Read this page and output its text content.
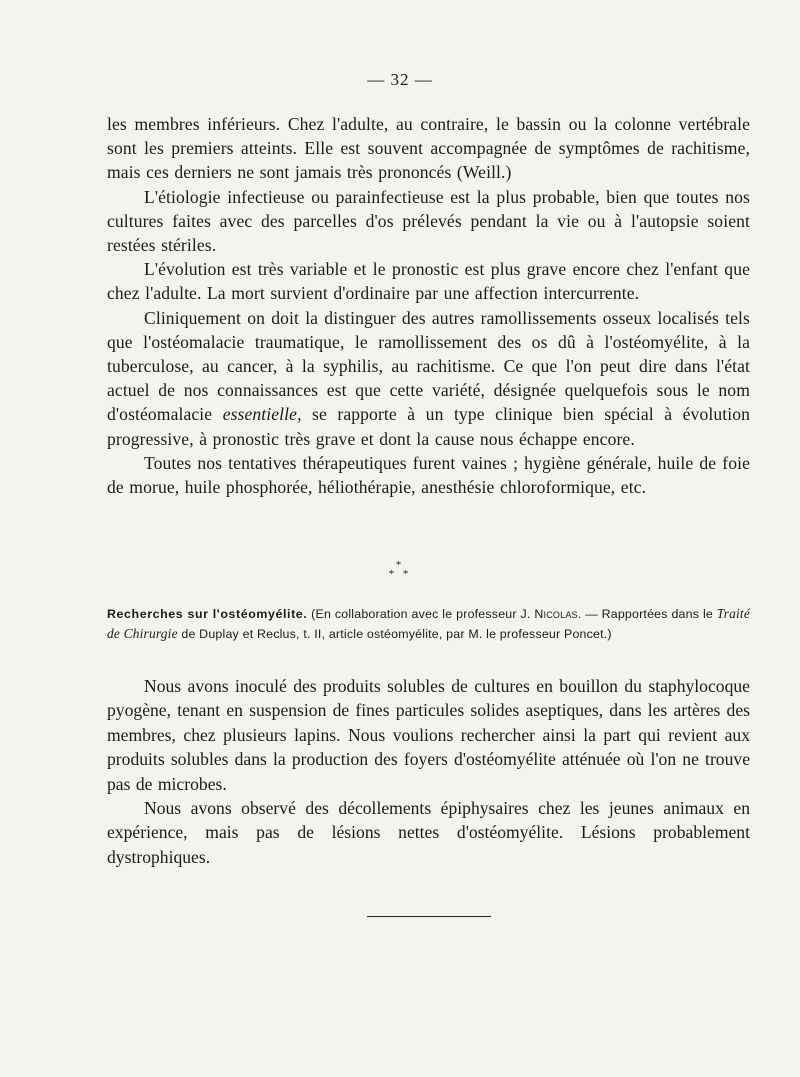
— 32 —

les membres inférieurs. Chez l'adulte, au contraire, le bassin ou la colonne vertébrale sont les premiers atteints. Elle est souvent accompagnée de symptômes de rachitisme, mais ces derniers ne sont jamais très prononcés (Weill.)

L'étiologie infectieuse ou parainfectieuse est la plus probable, bien que toutes nos cultures faites avec des parcelles d'os prélevés pendant la vie ou à l'autopsie soient restées stériles.

L'évolution est très variable et le pronostic est plus grave encore chez l'enfant que chez l'adulte. La mort survient d'ordinaire par une affection intercurrente.

Cliniquement on doit la distinguer des autres ramollissements osseux localisés tels que l'ostéomalacie traumatique, le ramollissement des os dû à l'ostéomyélite, à la tuberculose, au cancer, à la syphilis, au rachitisme. Ce que l'on peut dire dans l'état actuel de nos connaissances est que cette variété, désignée quelquefois sous le nom d'ostéomalacie essentielle, se rapporte à un type clinique bien spécial à évolution progressive, à pronostic très grave et dont la cause nous échappe encore.

Toutes nos tentatives thérapeutiques furent vaines ; hygiène générale, huile de foie de morue, huile phosphorée, héliothérapie, anesthésie chloroformique, etc.

*
* *
Recherches sur l'ostéomyélite. (En collaboration avec le professeur J. Nicolas. — Rapportées dans le Traité de Chirurgie de Duplay et Reclus, t. II, article ostéomyélite, par M. le professeur Poncet.)

Nous avons inoculé des produits solubles de cultures en bouillon du staphylocoque pyogène, tenant en suspension de fines particules solides aseptiques, dans les artères des membres, chez plusieurs lapins. Nous voulions rechercher ainsi la part qui revient aux produits solubles dans la production des foyers d'ostéomyélite atténuée où l'on ne trouve pas de microbes.

Nous avons observé des décollements épiphysaires chez les jeunes animaux en expérience, mais pas de lésions nettes d'ostéomyélite. Lésions probablement dystrophiques.
